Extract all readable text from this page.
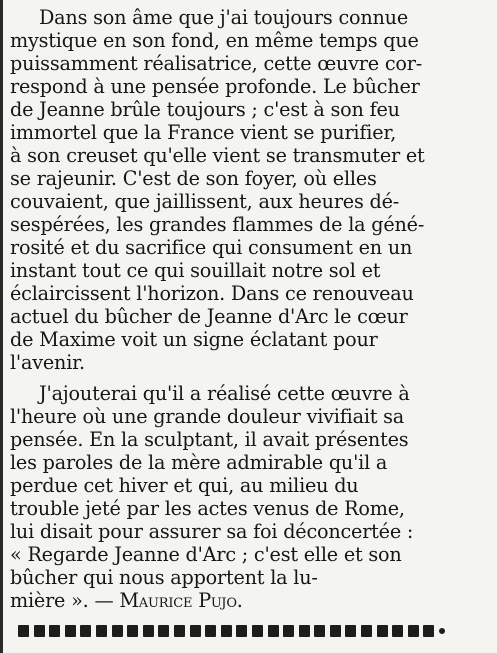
Dans son âme que j'ai toujours connue
mystique en son fond, en même temps que
puissamment réalisatrice, cette œuvre cor-
respond à une pensée profonde. Le bûcher
de Jeanne brûle toujours ; c'est à son feu
immortel que la France vient se purifier,
à son creuset qu'elle vient se transmuter et
se rajeunir. C'est de son foyer, où elles
couvaient, que jaillissent, aux heures dé-
sespérées, les grandes flammes de la géné-
rosité et du sacrifice qui consument en un
instant tout ce qui souillait notre sol et
éclaircissent l'horizon. Dans ce renouveau
actuel du bûcher de Jeanne d'Arc le cœur
de Maxime voit un signe éclatant pour
l'avenir.

J'ajouterai qu'il a réalisé cette œuvre à
l'heure où une grande douleur vivifiait sa
pensée. En la sculptant, il avait présentes
les paroles de la mère admirable qu'il a
perdue cet hiver et qui, au milieu du
trouble jeté par les actes venus de Rome,
lui disait pour assurer sa foi déconcertée :
« Regarde Jeanne d'Arc ; c'est elle et son
bûcher qui nous apportent la lu-
mière ». — Maurice Pujo.
